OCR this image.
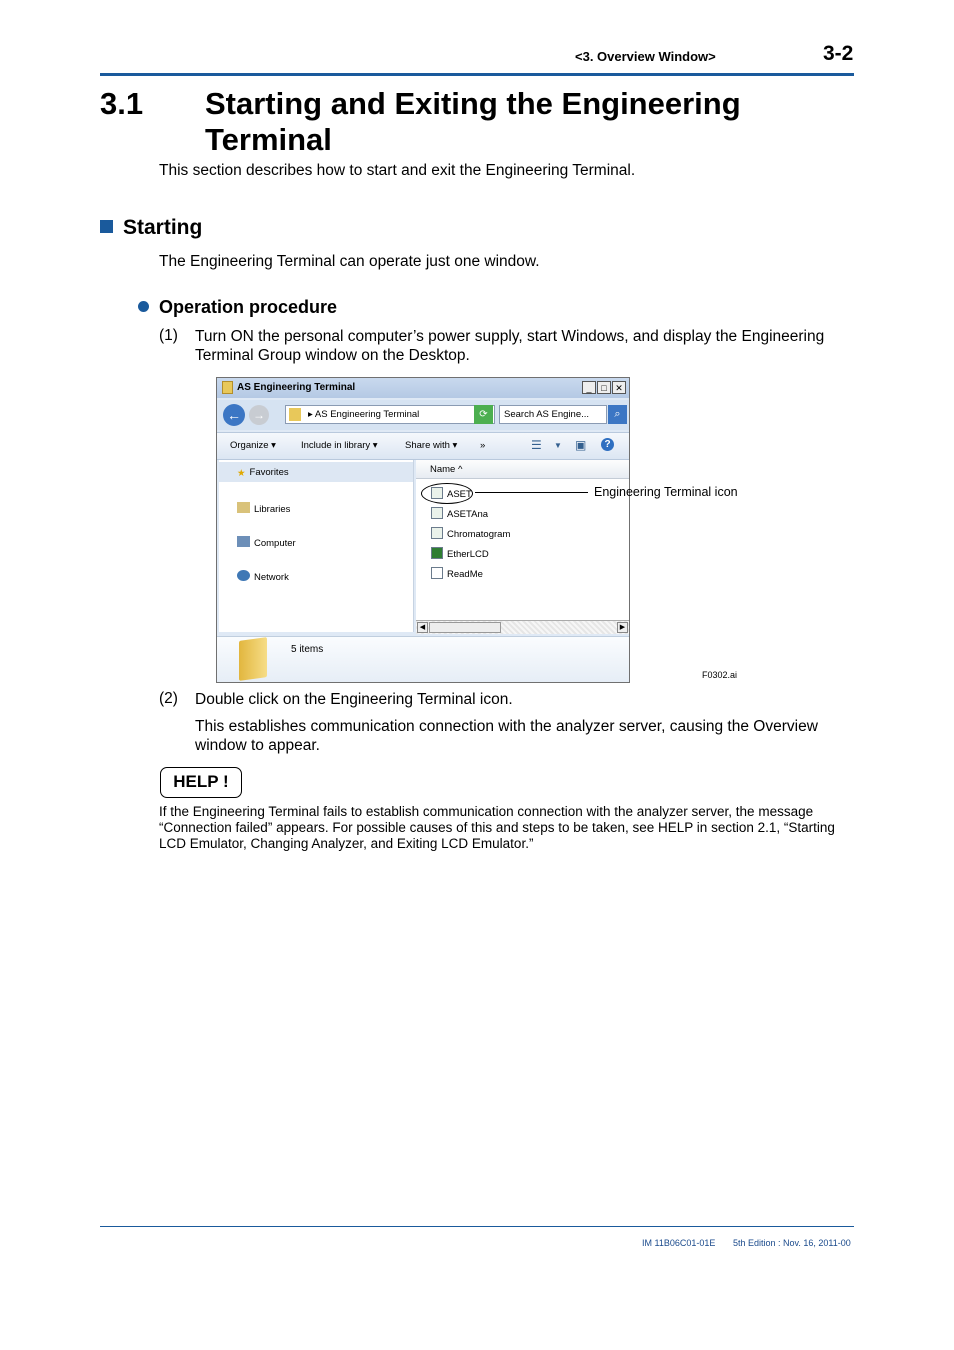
<3. Overview Window>	3-2
3.1 Starting and Exiting the Engineering Terminal
This section describes how to start and exit the Engineering Terminal.
Starting
The Engineering Terminal can operate just one window.
Operation procedure
(1) Turn ON the personal computer’s power supply, start Windows, and display the Engineering Terminal Group window on the Desktop.
AS Engineering Terminal	_	□ ✕
←	→	▸ AS Engineering Terminal	⟳	Search AS Engine...	⌕
Organize ▾	Include in library ▾	Share with ▾ »	☰ ▼ ▣	?
★ Favorites
Libraries
Computer
Network
Name ^
ASET
ASETAna
Chromatogram
EtherLCD
ReadMe
◀	▶
5 items
Engineering Terminal icon
F0302.ai
(2) Double click on the Engineering Terminal icon.
This establishes communication connection with the analyzer server, causing the Overview window to appear.
HELP !
If the Engineering Terminal fails to establish communication connection with the analyzer server, the message “Connection failed” appears. For possible causes of this and steps to be taken, see HELP in section 2.1, “Starting LCD Emulator, Changing Analyzer, and Exiting LCD Emulator.”
IM 11B06C01-01E 5th Edition : Nov. 16, 2011-00
